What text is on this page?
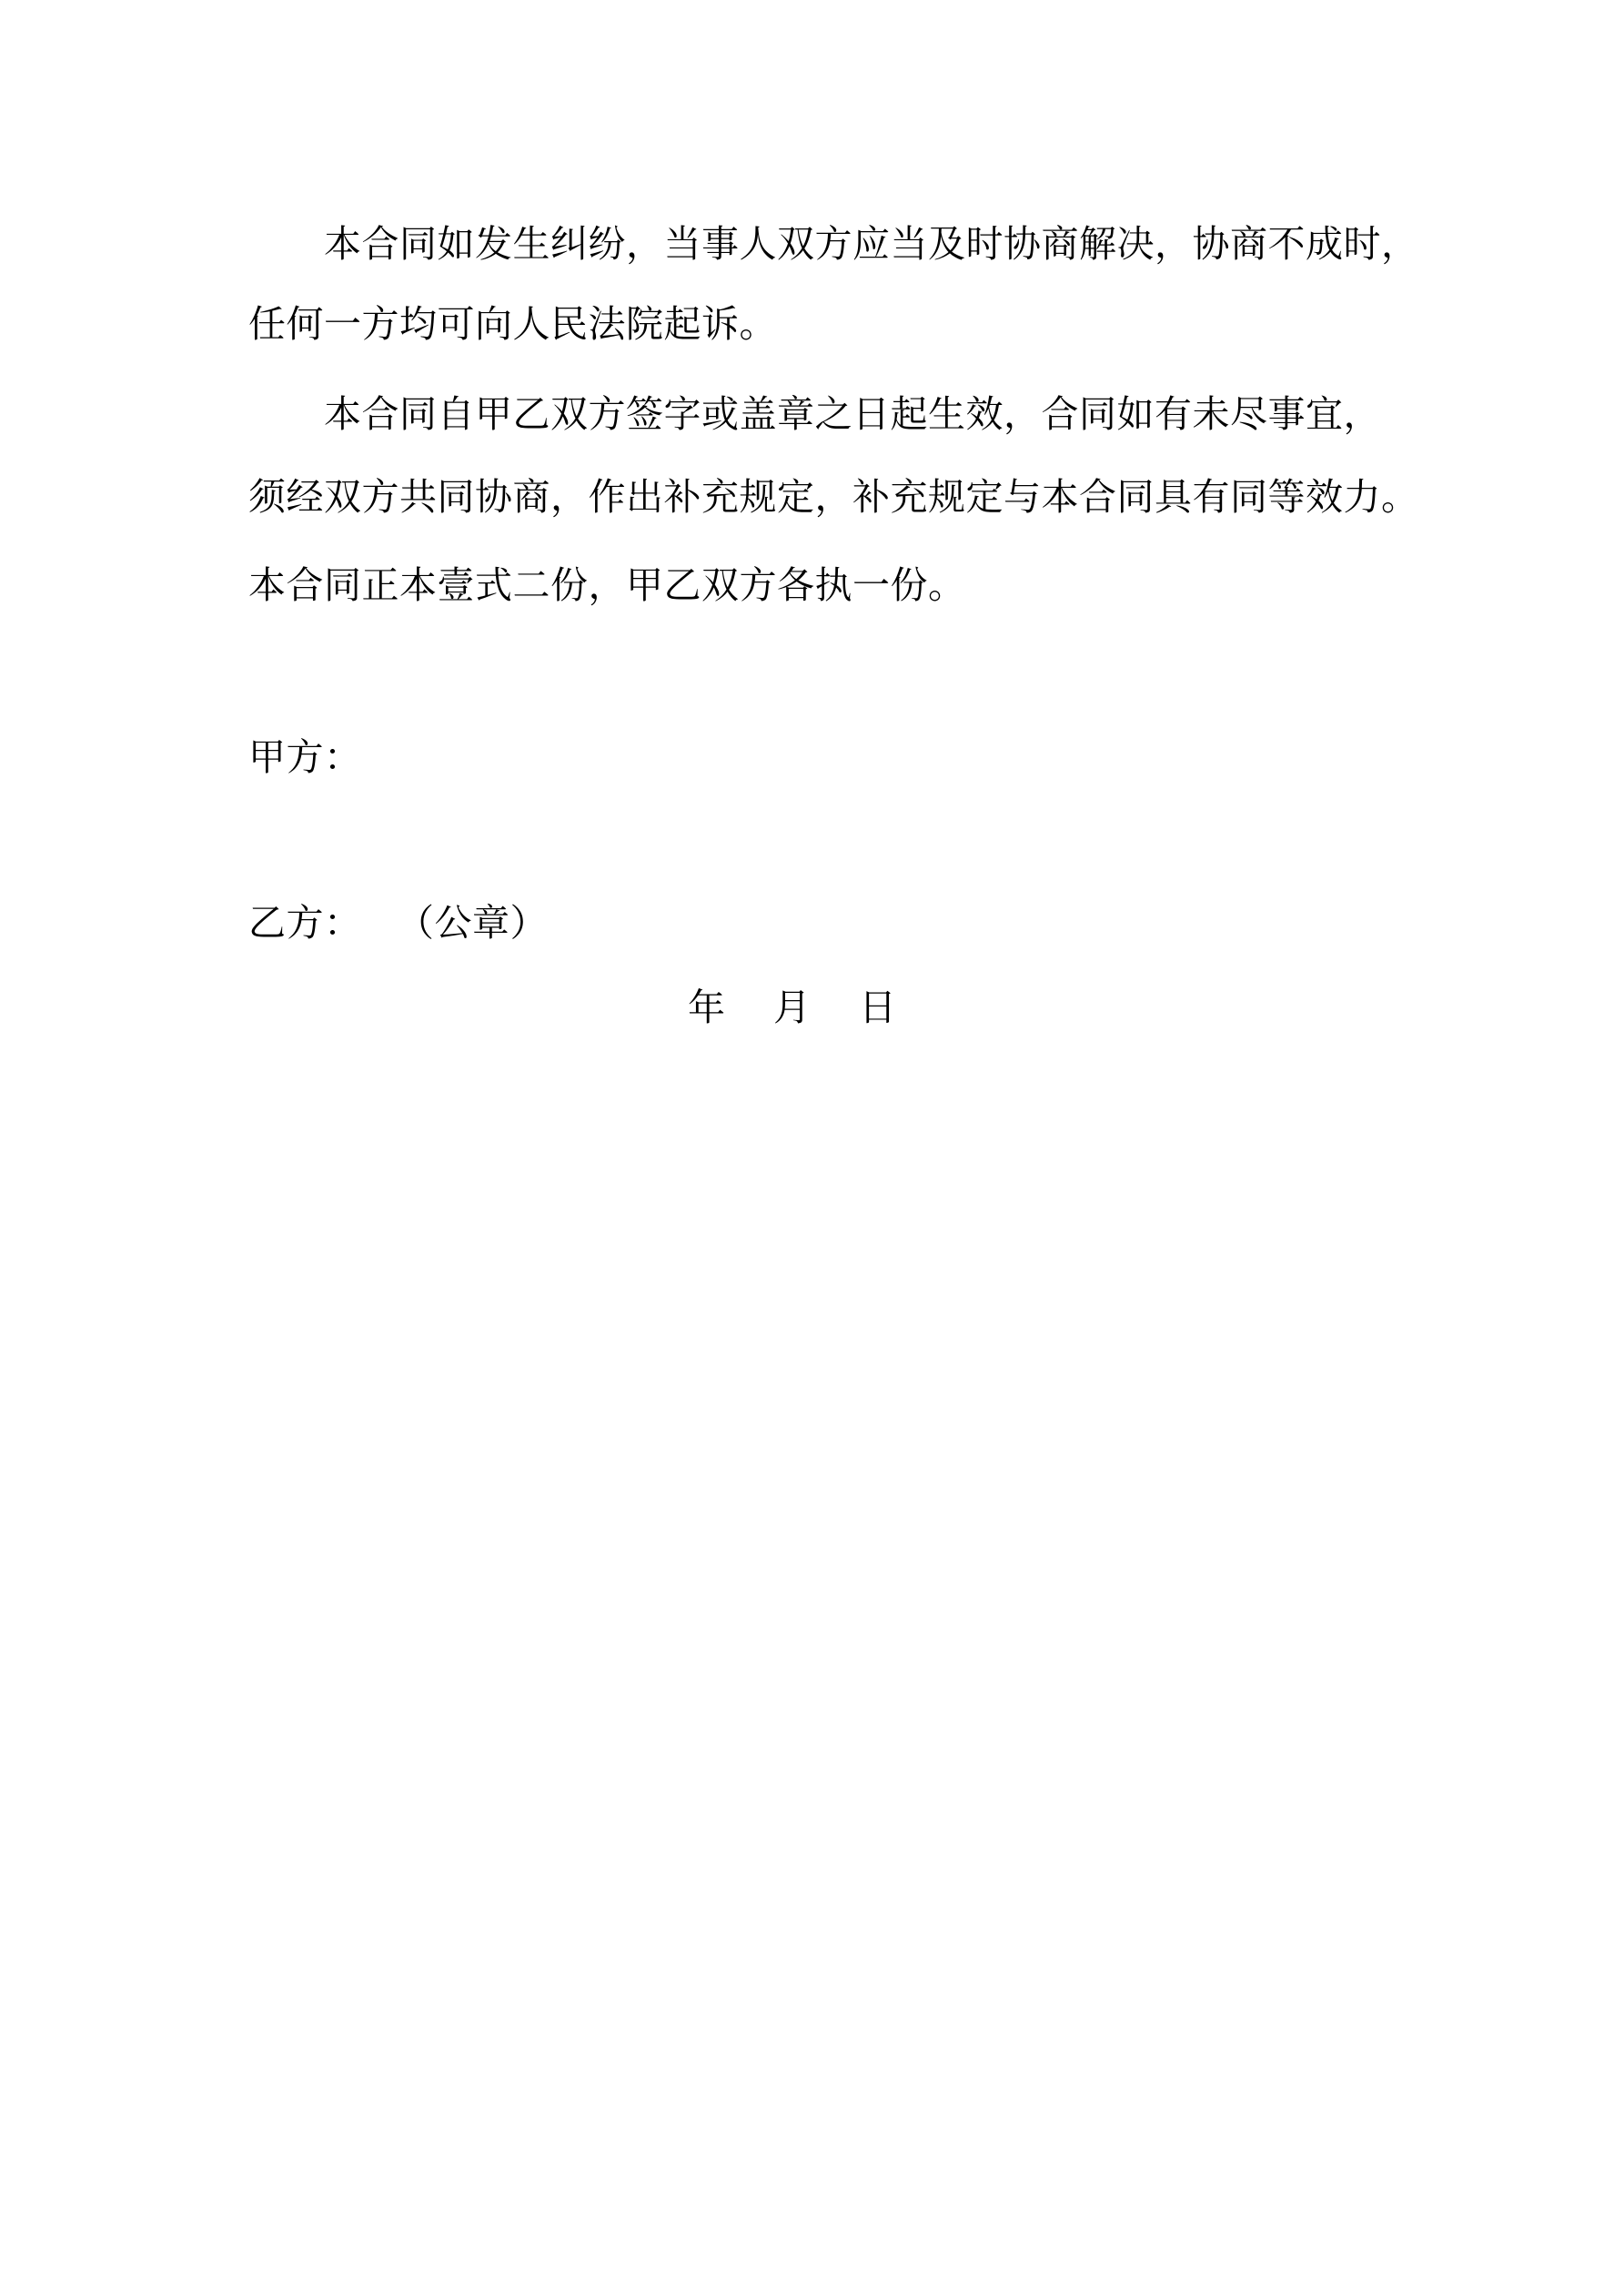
本合同如发生纠纷，当事人双方应当及时协商解决，协商不成时，
任何一方均可向人民法院起诉。
本合同自甲乙双方签字或盖章之日起生效，合同如有未尽事宜，
须经双方共同协商，作出补充规定，补充规定与本合同具有同等效力。
本合同正本壹式二份，甲乙双方各执一份。
甲方：
乙方： （公章）
年 月 日
